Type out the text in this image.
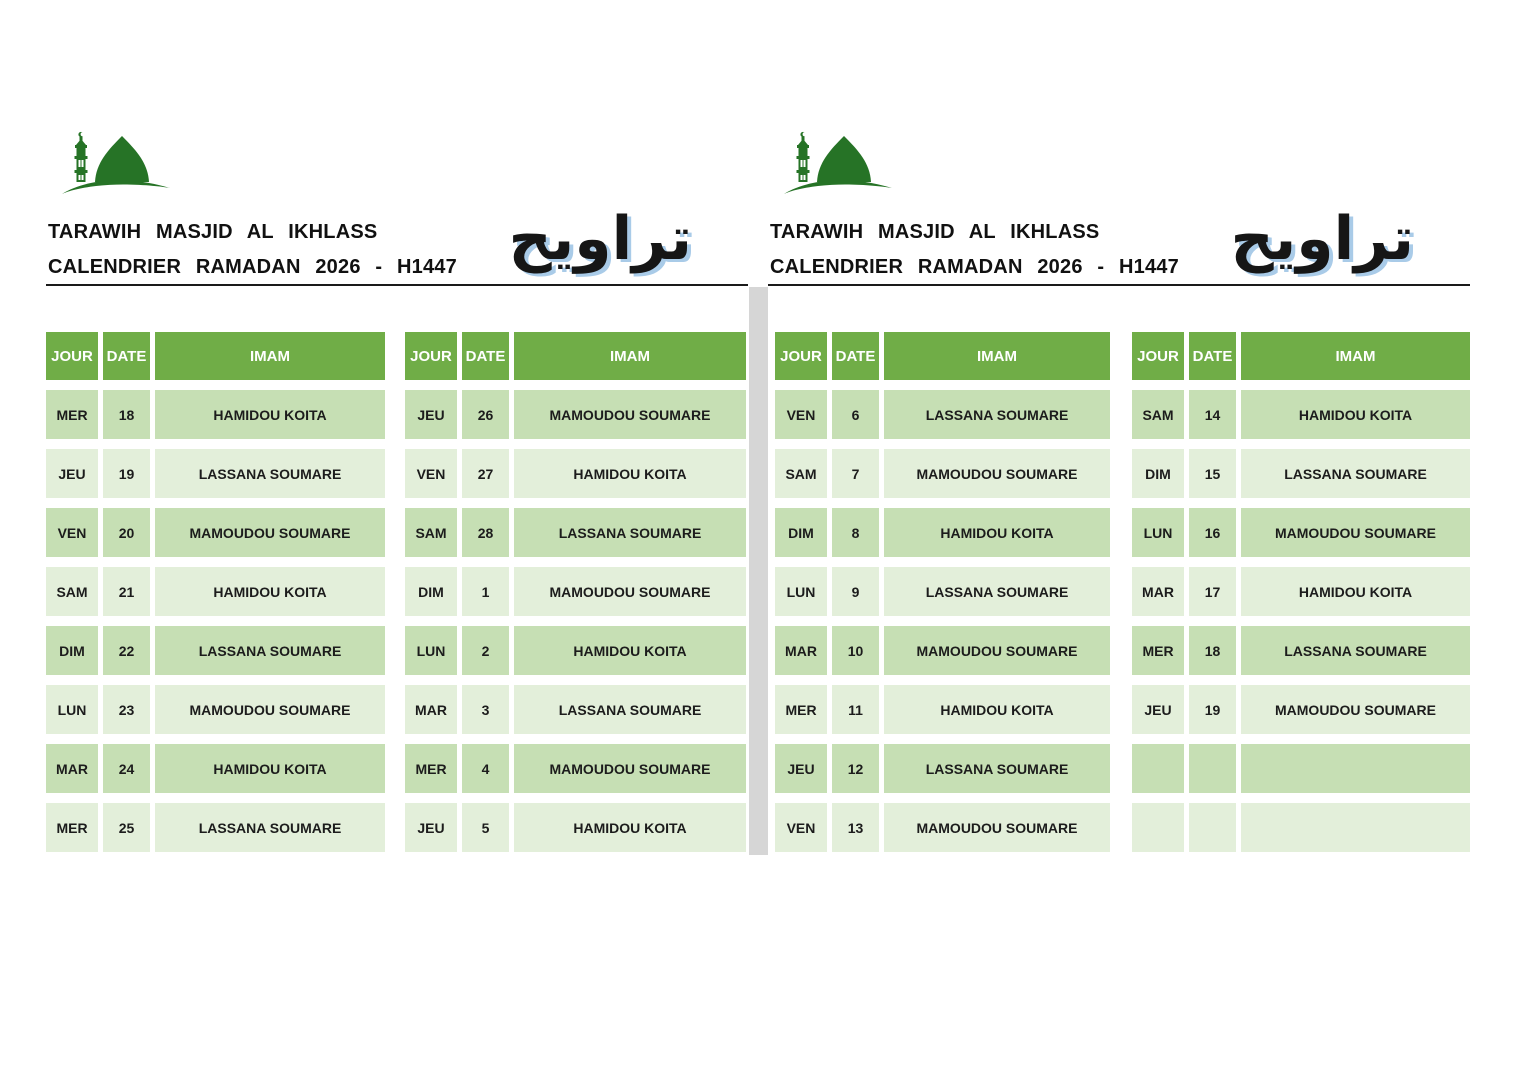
TARAWIH MASJID AL IKHLASS
CALENDRIER RAMADAN 2026 - H1447 تراويح	TARAWIH MASJID AL IKHLASS
CALENDRIER RAMADAN 2026 - H1447 تراويح
JOUR DATE	IMAM
MER	18	HAMIDOU KOITA
JEU	19	LASSANA SOUMARE
VEN	20	MAMOUDOU SOUMARE
SAM	21	HAMIDOU KOITA
DIM	22	LASSANA SOUMARE
LUN	23	MAMOUDOU SOUMARE
MAR	24	HAMIDOU KOITA
MER	25	LASSANA SOUMARE
JOUR DATE	IMAM
JEU	26	MAMOUDOU SOUMARE
VEN	27	HAMIDOU KOITA
SAM	28	LASSANA SOUMARE
DIM	1	MAMOUDOU SOUMARE
LUN	2	HAMIDOU KOITA
MAR	3	LASSANA SOUMARE
MER	4	MAMOUDOU SOUMARE
JEU	5	HAMIDOU KOITA
JOUR DATE	IMAM
VEN	6	LASSANA SOUMARE
SAM	7	MAMOUDOU SOUMARE
DIM	8	HAMIDOU KOITA
LUN	9	LASSANA SOUMARE
MAR	10	MAMOUDOU SOUMARE
MER	11	HAMIDOU KOITA
JEU	12	LASSANA SOUMARE
VEN	13	MAMOUDOU SOUMARE
JOUR DATE	IMAM
SAM	14	HAMIDOU KOITA
DIM	15	LASSANA SOUMARE
LUN	16	MAMOUDOU SOUMARE
MAR	17	HAMIDOU KOITA
MER	18	LASSANA SOUMARE
JEU	19	MAMOUDOU SOUMARE
